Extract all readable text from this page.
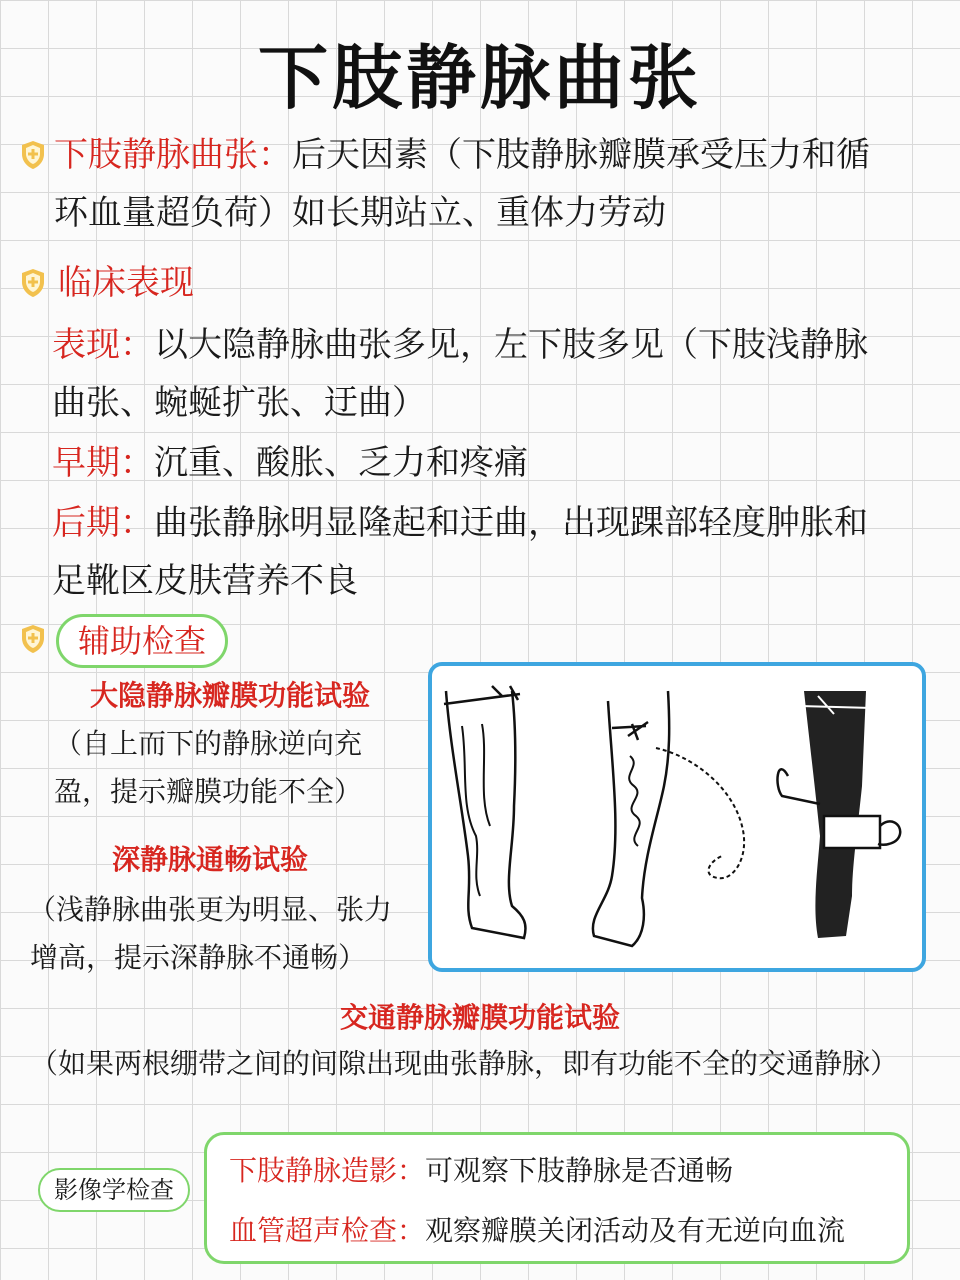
下肢静脉曲张
下肢静脉曲张：后天因素（下肢静脉瓣膜承受压力和循
环血量超负荷）如长期站立、重体力劳动
临床表现
表现：以大隐静脉曲张多见，左下肢多见（下肢浅静脉
曲张、蜿蜒扩张、迂曲）
早期：沉重、酸胀、乏力和疼痛
后期：曲张静脉明显隆起和迂曲，出现踝部轻度肿胀和
足靴区皮肤营养不良
辅助检查
大隐静脉瓣膜功能试验
（自上而下的静脉逆向充
盈，提示瓣膜功能不全）
深静脉通畅试验
（浅静脉曲张更为明显、张力
增高，提示深静脉不通畅）
交通静脉瓣膜功能试验
（如果两根绷带之间的间隙出现曲张静脉，即有功能不全的交通静脉）
影像学检查
下肢静脉造影：可观察下肢静脉是否通畅
血管超声检查：观察瓣膜关闭活动及有无逆向血流
